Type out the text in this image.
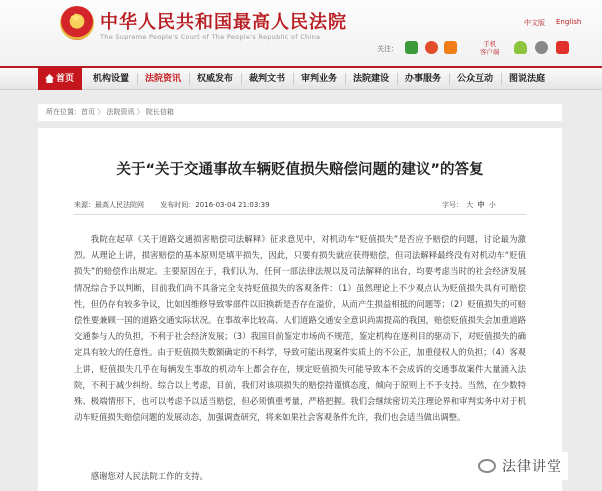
★
中华人民共和国最高人民法院
The Supreme People's Court of The People's Republic of China
中文版 English
关注：
手机
客户端
首页	机构设置	法院资讯	权威发布	裁判文书	审判业务	法院建设	办事服务	公众互动	图说法庭
所在位置：首页 〉 法院资讯 〉 院长信箱
关于“关于交通事故车辆贬值损失赔偿问题的建议”的答复
来源：最高人民法院网 发布时间：2016-03-04 21:03:39	字号： 大 中 小

我院在起草《关于道路交通损害赔偿司法解释》征求意见中，对机动车“贬值损失”是否应予赔偿的问题，讨论最为激烈。从理论上讲，损害赔偿的基本原则是填平损失，因此，只要有损失就应获得赔偿，但司法解释最终没有对机动车“贬值损失”的赔偿作出规定。主要原因在于，我们认为，任何一部法律法规以及司法解释的出台，均要考虑当时的社会经济发展情况综合予以判断，目前我们尚不具备完全支持贬值损失的客观条件：（1）虽然理论上不少观点认为贬值损失具有可赔偿性，但仍存有较多争议，比如因维修导致零部件以旧换新是否存在溢价，从而产生损益相抵的问题等；（2）贬值损失的可赔偿性要兼顾一国的道路交通实际状况。在事故率比较高、人们道路交通安全意识尚需提高的我国，赔偿贬值损失会加重道路交通参与人的负担，不利于社会经济发展；（3）我国目前鉴定市场尚不规范，鉴定机构在逐利目的驱动下，对贬值损失的确定具有较大的任意性。由于贬值损失数额确定的不科学，导致可能出现案件实质上的不公正，加重侵权人的负担；（4）客观上讲，贬值损失几乎在每辆发生事故的机动车上都会存在，规定贬值损失可能导致本不会成诉的交通事故案件大量涌入法院，不利于减少纠纷。综合以上考虑，目前，我们对该项损失的赔偿持谨慎态度，倾向于原则上不予支持。当然，在少数特殊、极端情形下，也可以考虑予以适当赔偿，但必须慎重考量，严格把握。我们会继续密切关注理论界和审判实务中对于机动车贬值损失赔偿问题的发展动态，加强调查研究，将来如果社会客观条件允许，我们也会适当做出调整。

感谢您对人民法院工作的支持。

法律讲堂
